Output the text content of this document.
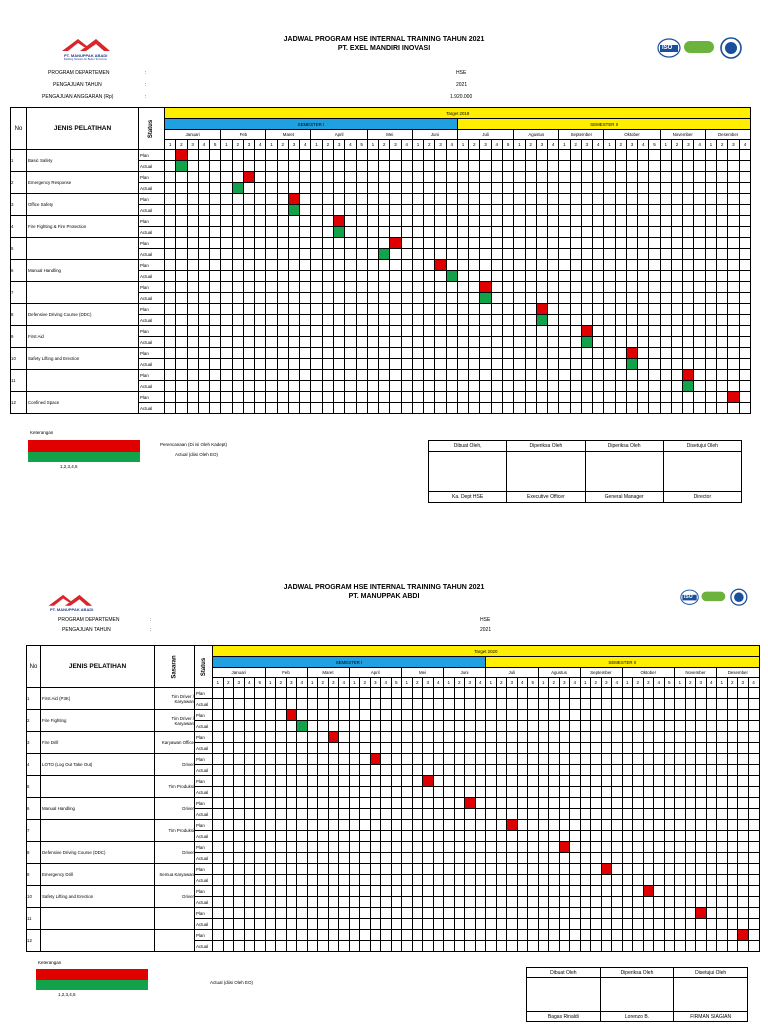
PT. MANUPPAK ABADI
Building Solution for Better Tomorrow
JADWAL PROGRAM HSE INTERNAL TRAINING TAHUN 2021
PT. EXEL MANDIRI INOVASI	ISO
PROGRAM DEPARTEMEN	:	HSE
PENGAJUAN TAHUN	:	2021
PENGAJUAN ANGGARAN (Rp)	:	1.920.000
No	JENIS PELATIHAN	Status	Target 2018																																																			
			SEMESTER I																										SEMESTER II																									
			Januari					Feb				Maret				April					Mei				Juni				Juli					Agustus				September				Oktober					November				Desember			
			1	2	3	4	5	1	2	3	4	1	2	3	4	1	2	3	4	5	1	2	3	4	1	2	3	4	1	2	3	4	5	1	2	3	4	1	2	3	4	1	2	3	4	5	1	2	3	4	1	2	3	4
1	Basic Safety	Plan																																																				
		Actual																																																				
2	Emergency Response	Plan																																																				
		Actual																																																				
3	Office Safety	Plan																																																				
		Actual																																																				
4	Fire Fighting & Fire Protection	Plan																																																				
		Actual																																																				
5		Plan																																																				
		Actual																																																				
6	Manual Handling	Plan																																																				
		Actual																																																				
7		Plan																																																				
		Actual																																																				
8	Defensive Driving Course (DDC)	Plan																																																				
		Actual																																																				
9	First Aid	Plan																																																				
		Actual																																																				
10	Safety Lifting and Erection	Plan																																																				
		Actual																																																				
11		Plan																																																				
		Actual																																																				
12	Confined Space	Plan																																																				
		Actual																																																				
Keterangan
Perencanaan (Di isi Oleh Kadept)
Actual (diisi Oleh EO)
1,2,3,4,5
Dibuat Oleh,	Diperiksa Oleh	Diperiksa Oleh	Disetujui Oleh

Ka. Dept HSE	Executive Officer	General Manager	Director
PT. MANUPPAK ABADI
JADWAL PROGRAM HSE INTERNAL TRAINING TAHUN 2021
PT. MANUPPAK ABDI	ISO
PROGRAM DEPARTEMEN	:	HSE
PENGAJUAN TAHUN	:	2021
No	JENIS PELATIHAN	Sasaran	Status	Target 2020																																																			
				SEMESTER I																										SEMESTER II																									
				Januari					Feb				Maret				April					Mei				Juni				Juli					Agustus				September				Oktober					November				Desember			
				1	2	3	4	5	1	2	3	4	1	2	3	4	1	2	3	4	5	1	2	3	4	1	2	3	4	1	2	3	4	5	1	2	3	4	1	2	3	4	1	2	3	4	5	1	2	3	4	1	2	3	4
1	First Aid (P3K)	Tim Driver / Karyawan	Plan																																																				
			Actual																																																				
2	Fire Fighting	Tim Driver / Karyawan	Plan																																																				
			Actual																																																				
3	Fire Drill	Karyawan Office	Plan																																																				
			Actual																																																				
4	LOTO (Log Out Take Out)	Driver	Plan																																																				
			Actual																																																				
5		Tim Produksi	Plan																																																				
			Actual																																																				
6	Manual Handling	Driver	Plan																																																				
			Actual																																																				
7		Tim Produksi	Plan																																																				
			Actual																																																				
8	Defensive Driving Course (DDC)	Driver	Plan																																																				
			Actual																																																				
9	Emergency Drill	Semua Karyawan	Plan																																																				
			Actual																																																				
10	Safety Lifting and Erection	Driver	Plan																																																				
			Actual																																																				
11			Plan																																																				
			Actual																																																				
12			Plan																																																				
			Actual																																																				
Keterangan
Actual (diisi Oleh EO)
1,2,3,4,5
Dibuat Oleh	Diperiksa Oleh	Disetujui Oleh

Bagas Rinaldi	Lorenzo B.	FIRMAN SIAGIAN
